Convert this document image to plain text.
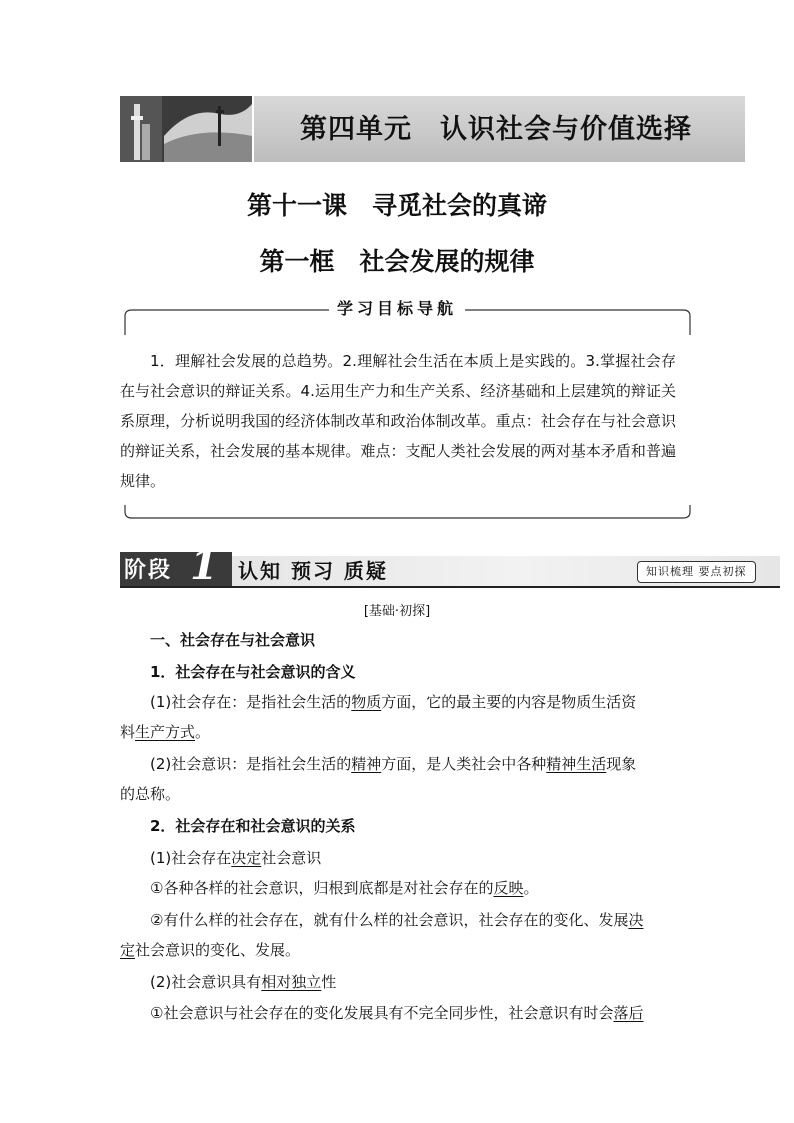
第四单元　认识社会与价值选择
第十一课　寻觅社会的真谛
第一框　社会发展的规律
学习目标导航
1．理解社会发展的总趋势。2.理解社会生活在本质上是实践的。3.掌握社会存在与社会意识的辩证关系。4.运用生产力和生产关系、经济基础和上层建筑的辩证关系原理，分析说明我国的经济体制改革和政治体制改革。重点：社会存在与社会意识的辩证关系，社会发展的基本规律。难点：支配人类社会发展的两对基本矛盾和普遍规律。
阶段 1 认知 预习 质疑	知识梳理 要点初探
[基础·初探]
一、社会存在与社会意识
1．社会存在与社会意识的含义
(1)社会存在：是指社会生活的物质方面，它的最主要的内容是物质生活资
料生产方式。
(2)社会意识：是指社会生活的精神方面，是人类社会中各种精神生活现象
的总称。
2．社会存在和社会意识的关系
(1)社会存在决定社会意识
①各种各样的社会意识，归根到底都是对社会存在的反映。
②有什么样的社会存在，就有什么样的社会意识，社会存在的变化、发展决
定社会意识的变化、发展。
(2)社会意识具有相对独立性
①社会意识与社会存在的变化发展具有不完全同步性，社会意识有时会落后
